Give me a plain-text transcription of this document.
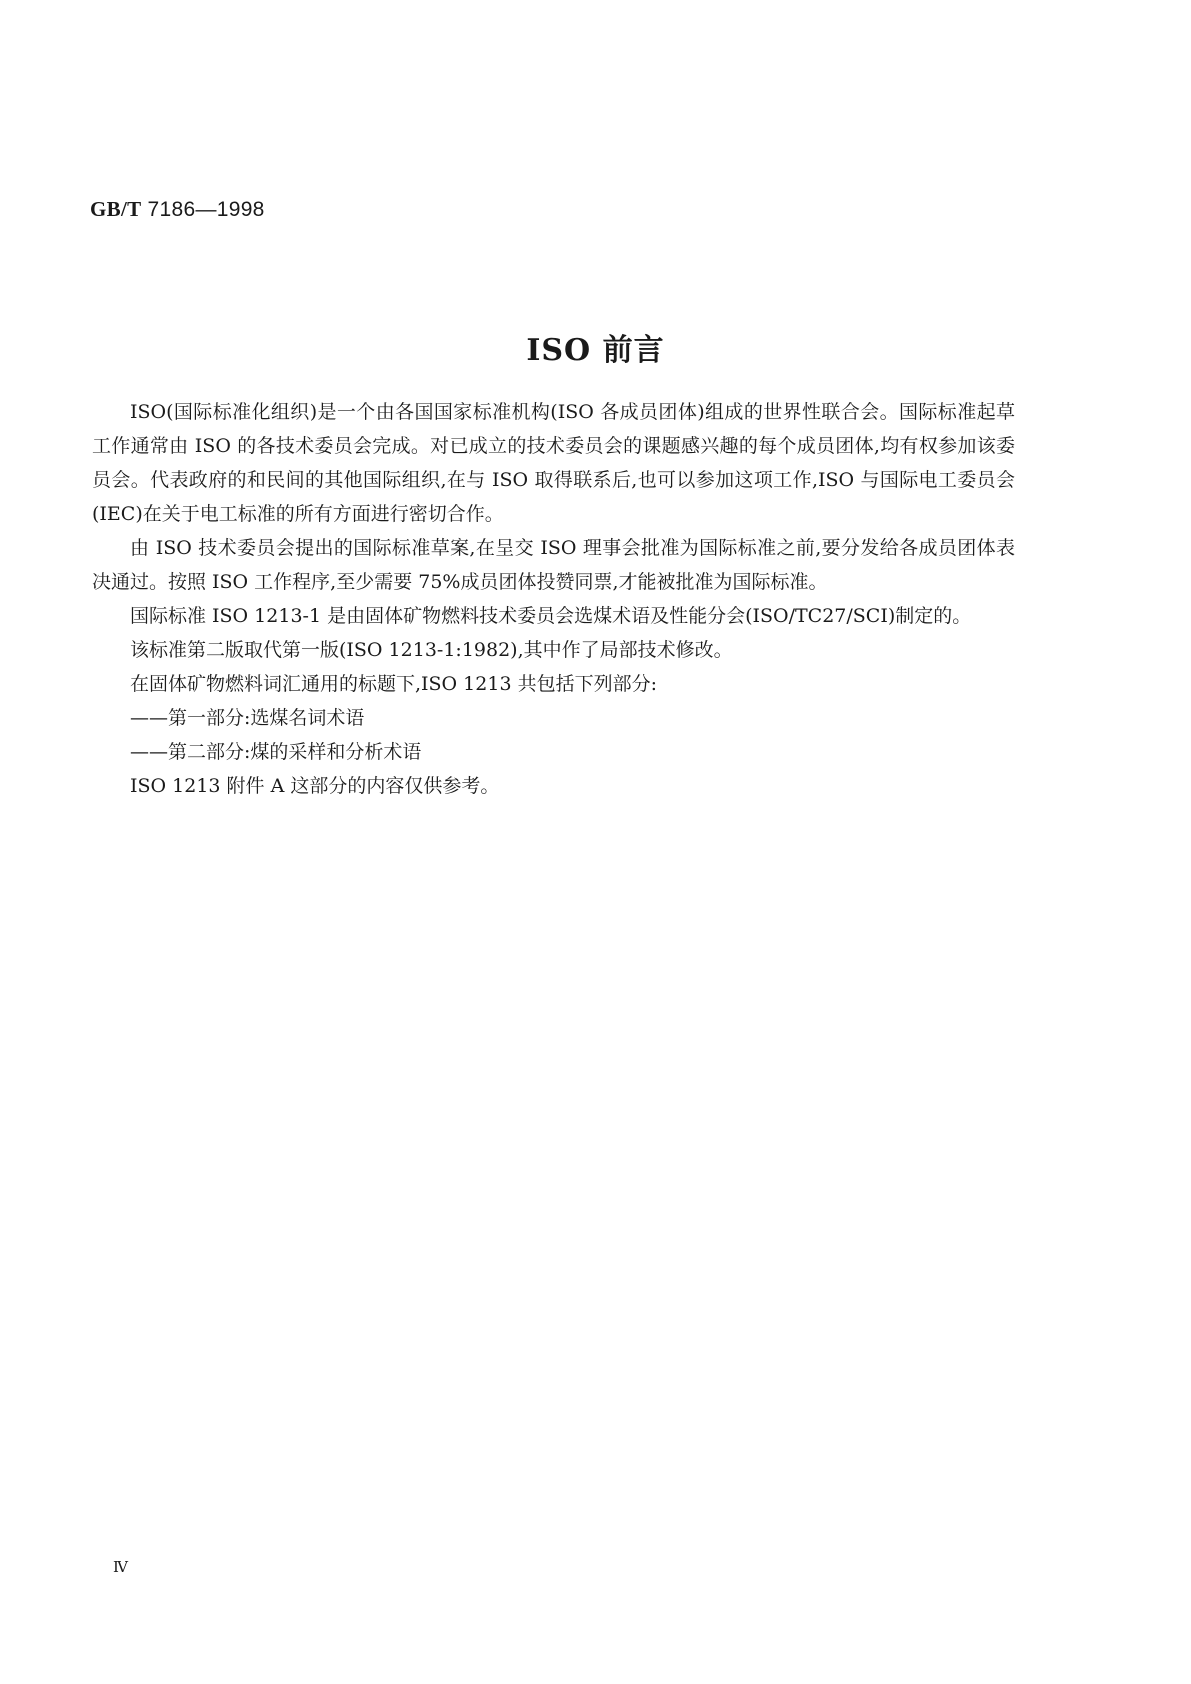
GB/T 7186—1998
ISO 前言

ISO(国际标准化组织)是一个由各国国家标准机构(ISO 各成员团体)组成的世界性联合会。国际标准起草工作通常由 ISO 的各技术委员会完成。对已成立的技术委员会的课题感兴趣的每个成员团体,均有权参加该委员会。代表政府的和民间的其他国际组织,在与 ISO 取得联系后,也可以参加这项工作,ISO 与国际电工委员会(IEC)在关于电工标准的所有方面进行密切合作。

由 ISO 技术委员会提出的国际标准草案,在呈交 ISO 理事会批准为国际标准之前,要分发给各成员团体表决通过。按照 ISO 工作程序,至少需要 75%成员团体投赞同票,才能被批准为国际标准。

国际标准 ISO 1213-1 是由固体矿物燃料技术委员会选煤术语及性能分会(ISO/TC27/SCI)制定的。

该标准第二版取代第一版(ISO 1213-1:1982),其中作了局部技术修改。

在固体矿物燃料词汇通用的标题下,ISO 1213 共包括下列部分:

——第一部分:选煤名词术语

——第二部分:煤的采样和分析术语

ISO 1213 附件 A 这部分的内容仅供参考。

Ⅳ
